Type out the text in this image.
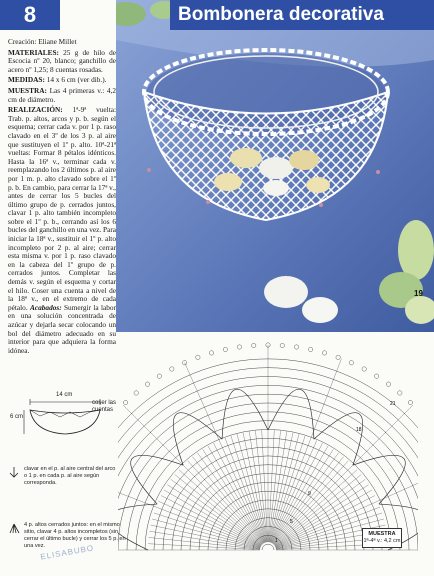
8	Bombonera decorativa
19

Creación: Eliane Millet

MATERIALES: 25 g de hilo de Escocia nº 20, blanco; ganchillo de acero nº 1,25; 8 cuentas rosadas.

MEDIDAS: 14 x 6 cm (ver dib.).

MUESTRA: Las 4 primeras v.: 4,2 cm de diámetro.

REALIZACIÓN: 1ª-9ª vuelta: Trab. p. altos, arcos y p. b. según el esquema; cerrar cada v. por 1 p. raso clavado en el 3º de los 3 p. al aire que sustituyen el 1º p. alto. 10ª-21ª vueltas: Formar 8 pétalos idénticos. Hasta la 16ª v., terminar cada v. reemplazando los 2 últimos p. al aire por 1 m. p. alto clavado sobre el 1º p. b. En cambio, para cerrar la 17ª v., antes de cerrar los 5 bucles del último grupo de p. cerrados juntos, clavar 1 p. alto también incompleto sobre el 1º p. b., cerrando así los 6 bucles del ganchillo en una vez. Para iniciar la 18ª v., sustituir el 1º p. alto incompleto por 2 p. al aire; cerrar esta misma v. por 1 p. raso clavado en la cabeza del 1º grupo de p. cerrados juntos. Completar las demás v. según el esquema y cortar el hilo. Coser una cuenta a nivel de la 18ª v., en el extremo de cada pétalo. Acabados: Sumergir la labor en una solución concentrada de azúcar y dejarla secar colocando un bol del diámetro adecuado en su interior para que adquiera la forma idónea.

14 cm
6 cm
coser las cuentas
1
5
9
18
21
clavar en el p. al aire central del arco o 1 p. en cada p. al aire según corresponda.
4 p. altos cerrados juntos: en el mismo sitio, clavar 4 p. altos incompletos (sin cerrar el último bucle) y cerrar los 5 p. en una vez.
MUESTRA
1ª-4ª v.: 4,2 cm
ELISABUBO
